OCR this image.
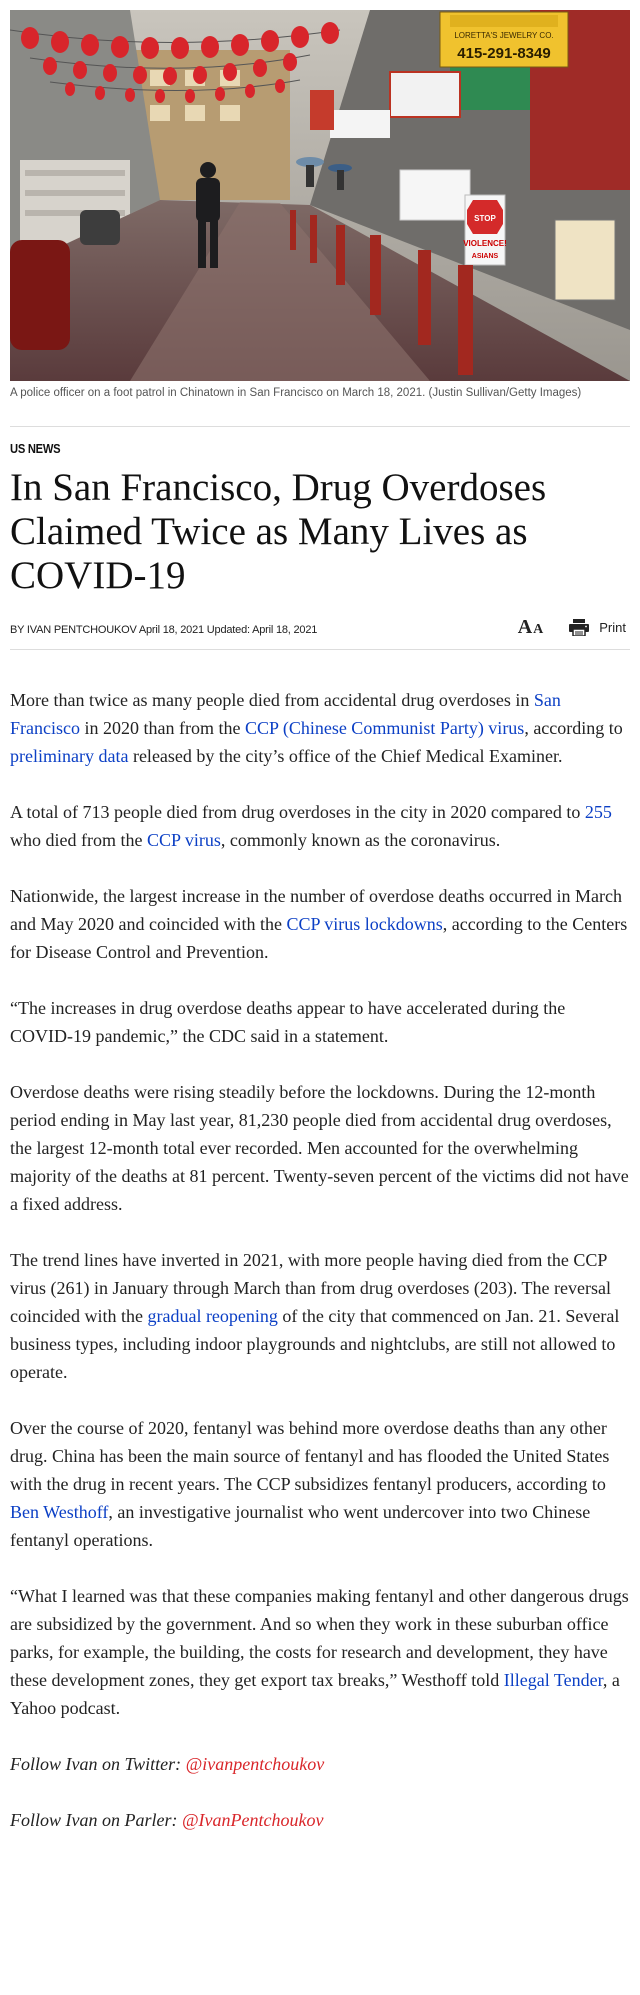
LORETTA'S JEWELRY CO.
415-291-8349
STOP
VIOLENCE!
ASIANS
A police officer on a foot patrol in Chinatown in San Francisco on March 18, 2021. (Justin Sullivan/Getty Images)
US NEWS
In San Francisco, Drug Overdoses Claimed Twice as Many Lives as COVID-19
BY IVAN PENTCHOUKOV April 18, 2021 Updated: April 18, 2021	A A	Print

More than twice as many people died from accidental drug overdoses in San Francisco in 2020 than from the CCP (Chinese Communist Party) virus, according to preliminary data released by the city’s office of the Chief Medical Examiner.

A total of 713 people died from drug overdoses in the city in 2020 compared to 255 who died from the CCP virus, commonly known as the coronavirus.

Nationwide, the largest increase in the number of overdose deaths occurred in March and May 2020 and coincided with the CCP virus lockdowns, according to the Centers for Disease Control and Prevention.

“The increases in drug overdose deaths appear to have accelerated during the COVID-19 pandemic,” the CDC said in a statement.

Overdose deaths were rising steadily before the lockdowns. During the 12-month period ending in May last year, 81,230 people died from accidental drug overdoses, the largest 12-month total ever recorded. Men accounted for the overwhelming majority of the deaths at 81 percent. Twenty-seven percent of the victims did not have a fixed address.

The trend lines have inverted in 2021, with more people having died from the CCP virus (261) in January through March than from drug overdoses (203). The reversal coincided with the gradual reopening of the city that commenced on Jan. 21. Several business types, including indoor playgrounds and nightclubs, are still not allowed to operate.

Over the course of 2020, fentanyl was behind more overdose deaths than any other drug. China has been the main source of fentanyl and has flooded the United States with the drug in recent years. The CCP subsidizes fentanyl producers, according to Ben Westhoff, an investigative journalist who went undercover into two Chinese fentanyl operations.

“What I learned was that these companies making fentanyl and other dangerous drugs are subsidized by the government. And so when they work in these suburban office parks, for example, the building, the costs for research and development, they have these development zones, they get export tax breaks,” Westhoff told Illegal Tender, a Yahoo podcast.

Follow Ivan on Twitter: @ivanpentchoukov

Follow Ivan on Parler: @IvanPentchoukov
